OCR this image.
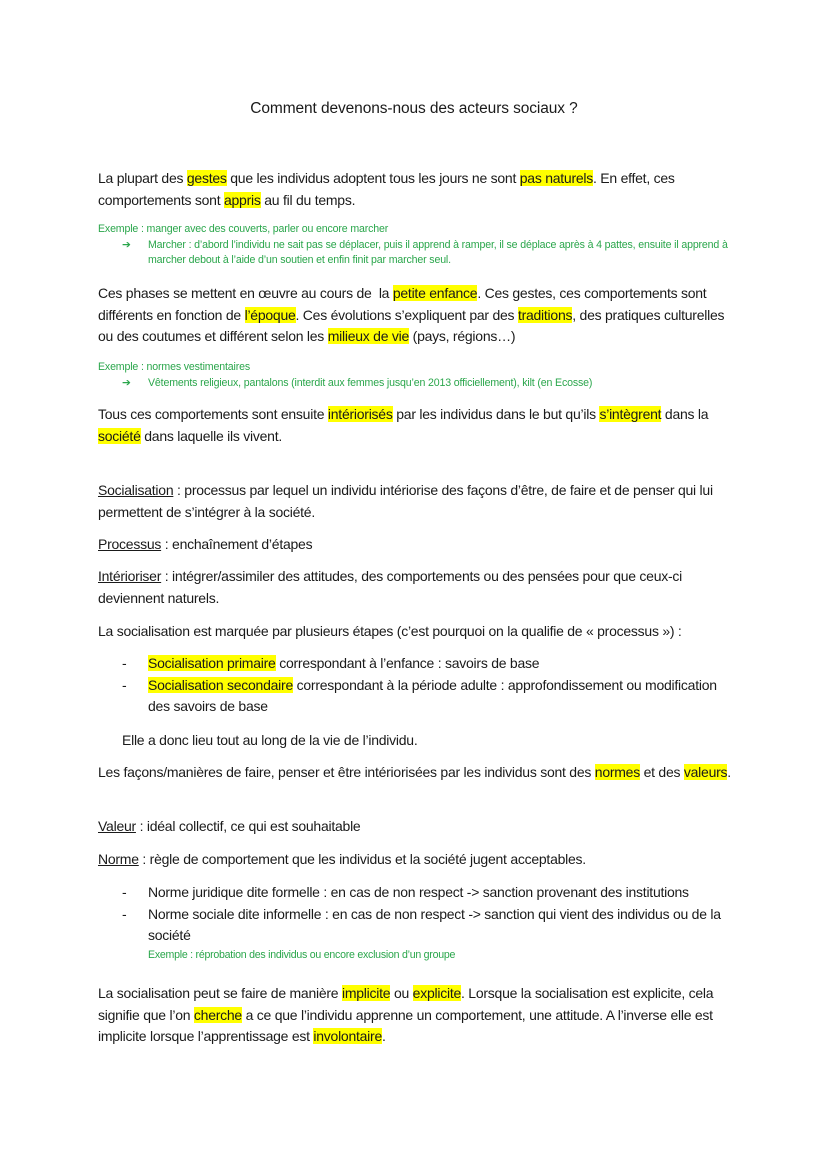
Comment devenons-nous des acteurs sociaux ?
La plupart des gestes que les individus adoptent tous les jours ne sont pas naturels. En effet, ces comportements sont appris au fil du temps.
Exemple : manger avec des couverts, parler ou encore marcher
➔ Marcher : d’abord l’individu ne sait pas se déplacer, puis il apprend à ramper, il se déplace après à 4 pattes, ensuite il apprend à marcher debout à l’aide d’un soutien et enfin finit par marcher seul.
Ces phases se mettent en œuvre au cours de  la petite enfance. Ces gestes, ces comportements sont différents en fonction de l’époque. Ces évolutions s’expliquent par des traditions, des pratiques culturelles ou des coutumes et différent selon les milieux de vie (pays, régions…)
Exemple : normes vestimentaires
➔ Vêtements religieux, pantalons (interdit aux femmes jusqu’en 2013 officiellement), kilt (en Ecosse)
Tous ces comportements sont ensuite intériorisés par les individus dans le but qu’ils s’intègrent dans la société dans laquelle ils vivent.
Socialisation : processus par lequel un individu intériorise des façons d’être, de faire et de penser qui lui permettent de s’intégrer à la société.
Processus : enchaînement d’étapes
Intérioriser : intégrer/assimiler des attitudes, des comportements ou des pensées pour que ceux-ci deviennent naturels.
La socialisation est marquée par plusieurs étapes (c’est pourquoi on la qualifie de « processus ») :
- Socialisation primaire correspondant à l’enfance : savoirs de base
- Socialisation secondaire correspondant à la période adulte : approfondissement ou modification des savoirs de base
Elle a donc lieu tout au long de la vie de l’individu.
Les façons/manières de faire, penser et être intériorisées par les individus sont des normes et des valeurs.
Valeur : idéal collectif, ce qui est souhaitable
Norme : règle de comportement que les individus et la société jugent acceptables.
- Norme juridique dite formelle : en cas de non respect -> sanction provenant des institutions
- Norme sociale dite informelle : en cas de non respect -> sanction qui vient des individus ou de la société
Exemple : réprobation des individus ou encore exclusion d’un groupe
La socialisation peut se faire de manière implicite ou explicite. Lorsque la socialisation est explicite, cela signifie que l’on cherche a ce que l’individu apprenne un comportement, une attitude. A l’inverse elle est implicite lorsque l’apprentissage est involontaire.
